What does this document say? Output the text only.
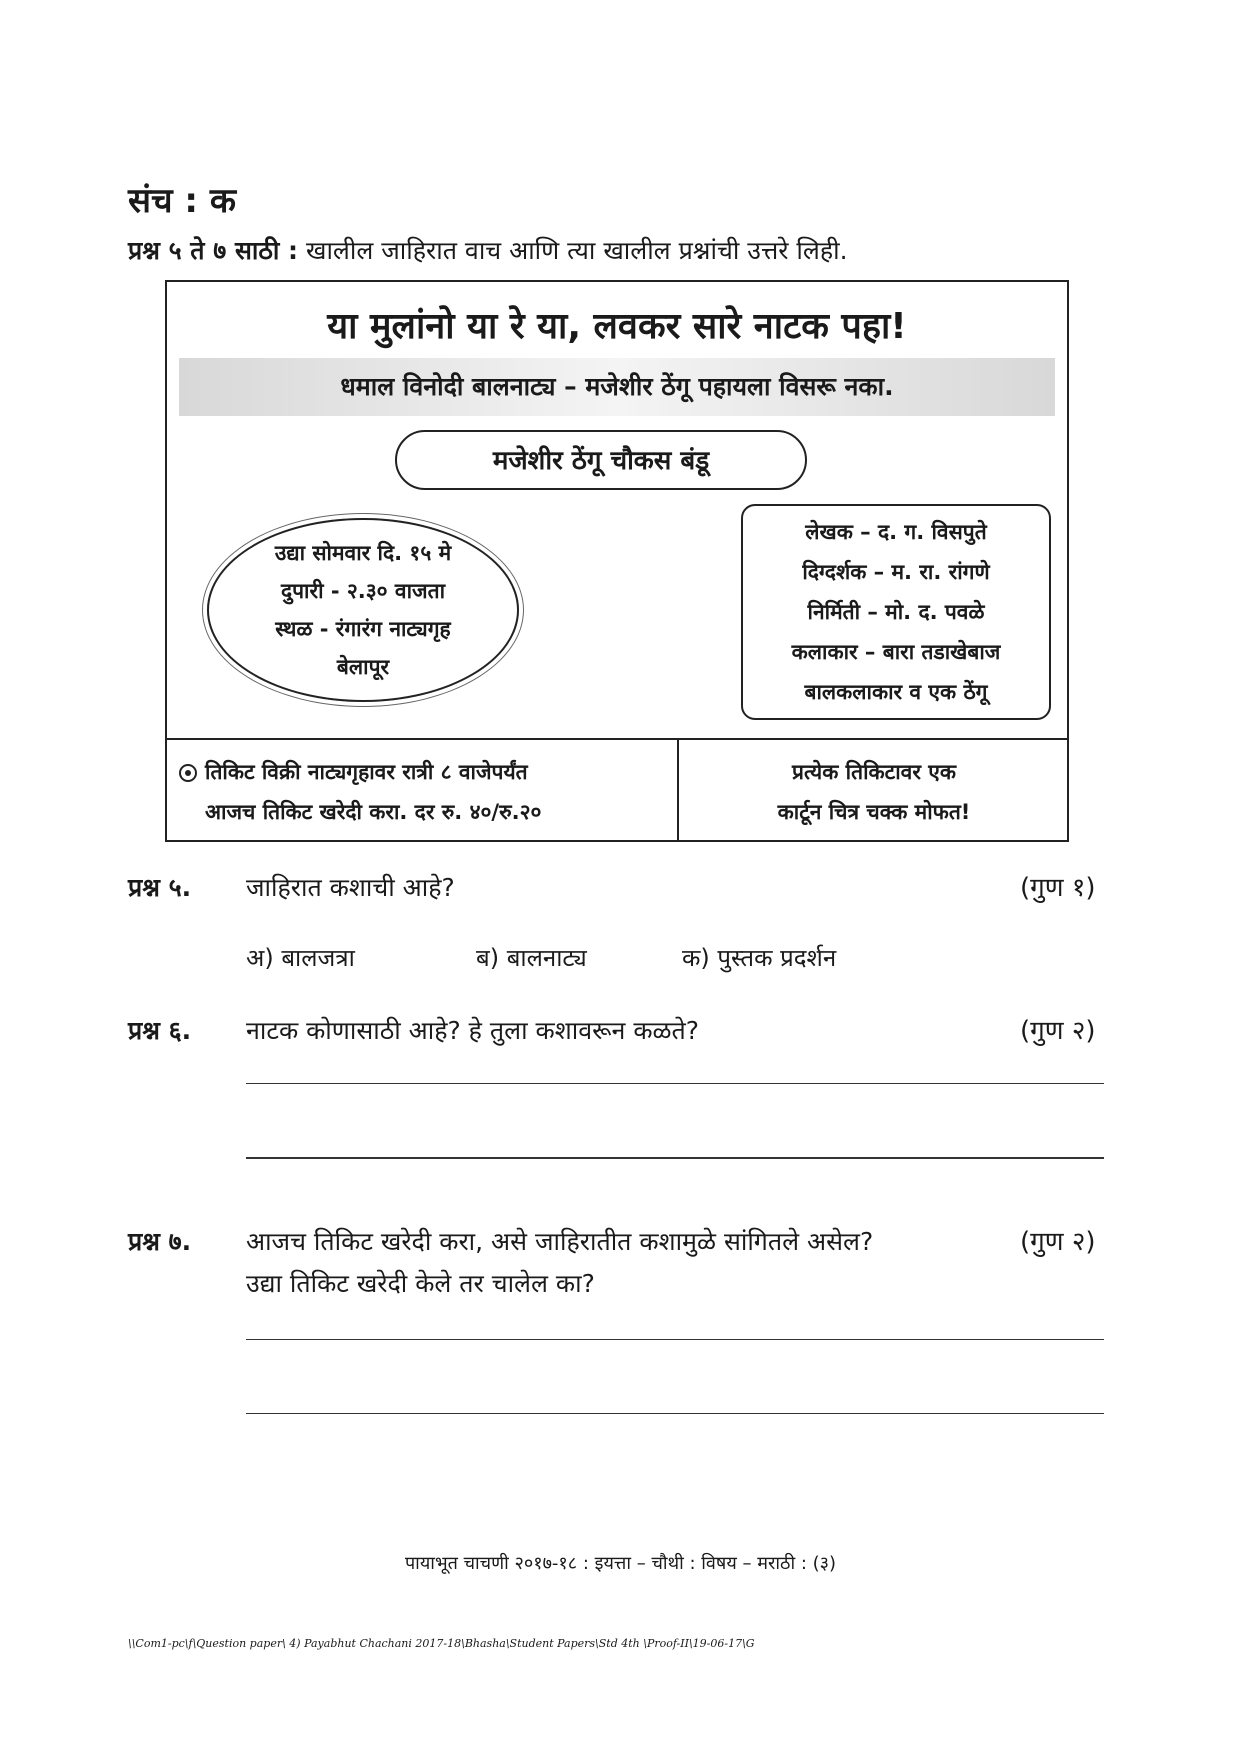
संच : क
प्रश्न ५ ते ७ साठी : खालील जाहिरात वाच आणि त्या खालील प्रश्नांची उत्तरे लिही.
या मुलांनो या रे या, लवकर सारे नाटक पहा!
धमाल विनोदी बालनाट्य – मजेशीर ठेंगू पहायला विसरू नका.
मजेशीर ठेंगू चौकस बंडू
उद्या सोमवार दि. १५ मे
दुपारी - २.३० वाजता
स्थळ - रंगारंग नाट्यगृह
बेलापूर
लेखक – द. ग. विसपुते
दिग्दर्शक – म. रा. रांगणे
निर्मिती – मो. द. पवळे
कलाकार – बारा तडाखेबाज
बालकलाकार व एक ठेंगू
तिकिट विक्री नाट्यगृहावर रात्री ८ वाजेपर्यंत
आजच तिकिट खरेदी करा. दर रु. ४०/रु.२०
प्रत्येक तिकिटावर एक
कार्टून चित्र चक्क मोफत!
प्रश्न ५. जाहिरात कशाची आहे?	(गुण १)
अ) बालजत्रा	ब) बालनाट्य	क) पुस्तक प्रदर्शन
प्रश्न ६. नाटक कोणासाठी आहे? हे तुला कशावरून कळते?	(गुण २)
प्रश्न ७. आजच तिकिट खरेदी करा, असे जाहिरातीत कशामुळे सांगितले असेल?
उद्या तिकिट खरेदी केले तर चालेल का?
(गुण २)
पायाभूत चाचणी २०१७-१८ : इयत्ता – चौथी : विषय – मराठी : (३)
\\Com1-pc\f\Question paper\ 4) Payabhut Chachani 2017-18\Bhasha\Student Papers\Std 4th \Proof-II\19-06-17\G
